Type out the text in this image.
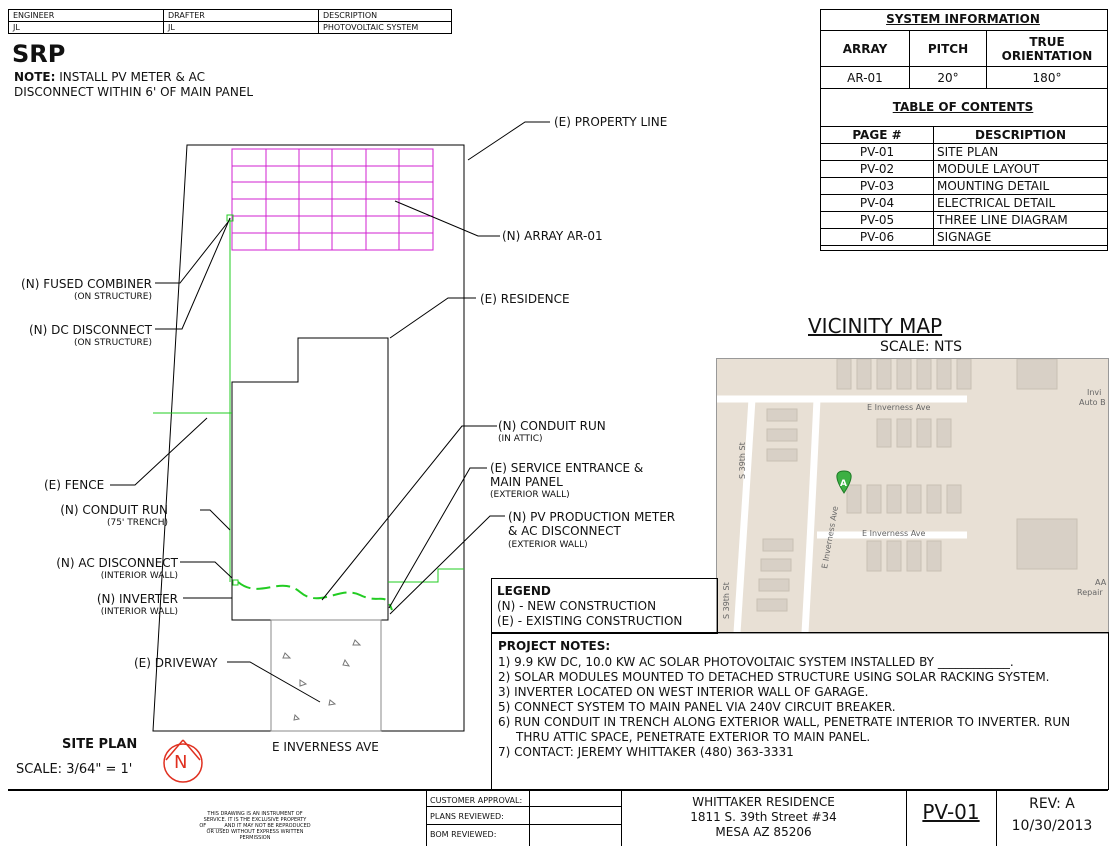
ENGINEER	DRAFTER	DESCRIPTION
JL	JL	PHOTOVOLTAIC SYSTEM
SRP
NOTE: INSTALL PV METER & AC
DISCONNECT WITHIN 6' OF MAIN PANEL
SYSTEM INFORMATION
ARRAY	PITCH	TRUE ORIENTATION
AR-01	20°	180°
TABLE OF CONTENTS
PAGE #	DESCRIPTION
PV-01	SITE PLAN
PV-02	MODULE LAYOUT
PV-03	MOUNTING DETAIL
PV-04	ELECTRICAL DETAIL
PV-05	THREE LINE DIAGRAM
PV-06	SIGNAGE
VICINITY MAP
SCALE: NTS
E Inverness Ave
S 39th St
E Inverness Ave	E Inverness Ave
S 39th St
Invi
Auto B
AA
Repair
A
(E) PROPERTY LINE
(N) ARRAY AR-01
(E) RESIDENCE
(N) FUSED COMBINER
(ON STRUCTURE)
(N) DC DISCONNECT
(ON STRUCTURE)
(N) CONDUIT RUN
(IN ATTIC)
(E) SERVICE ENTRANCE &
MAIN PANEL
(EXTERIOR WALL)
(N) PV PRODUCTION METER
& AC DISCONNECT
(EXTERIOR WALL)
(E) FENCE
(N) CONDUIT RUN
(75' TRENCH)
(N) AC DISCONNECT
(INTERIOR WALL)
(N) INVERTER
(INTERIOR WALL)
(E) DRIVEWAY
E INVERNESS AVE
SITE PLAN
SCALE: 3/64" = 1' N
LEGEND
(N) - NEW CONSTRUCTION
(E) - EXISTING CONSTRUCTION
PROJECT NOTES:
1) 9.9 KW DC, 10.0 KW AC SOLAR PHOTOVOLTAIC SYSTEM INSTALLED BY ____________.
2) SOLAR MODULES MOUNTED TO DETACHED STRUCTURE USING SOLAR RACKING SYSTEM.
3) INVERTER LOCATED ON WEST INTERIOR WALL OF GARAGE.
5) CONNECT SYSTEM TO MAIN PANEL VIA 240V CIRCUIT BREAKER.
6) RUN CONDUIT IN TRENCH ALONG EXTERIOR WALL, PENETRATE INTERIOR TO INVERTER. RUN
THRU ATTIC SPACE, PENETRATE EXTERIOR TO MAIN PANEL.
7) CONTACT: JEREMY WHITTAKER (480) 363-3331
THIS DRAWING IS AN INSTRUMENT OF
SERVICE. IT IS THE EXCLUSIVE PROPERTY
OF ______ AND IT MAY NOT BE REPRODUCED
OR USED WITHOUT EXPRESS WRITTEN
PERMISSION
CUSTOMER APPROVAL:
PLANS REVIEWED:
BOM REVIEWED:
WHITTAKER RESIDENCE
1811 S. 39th Street #34
MESA AZ 85206
PV-01	REV: A
10/30/2013
